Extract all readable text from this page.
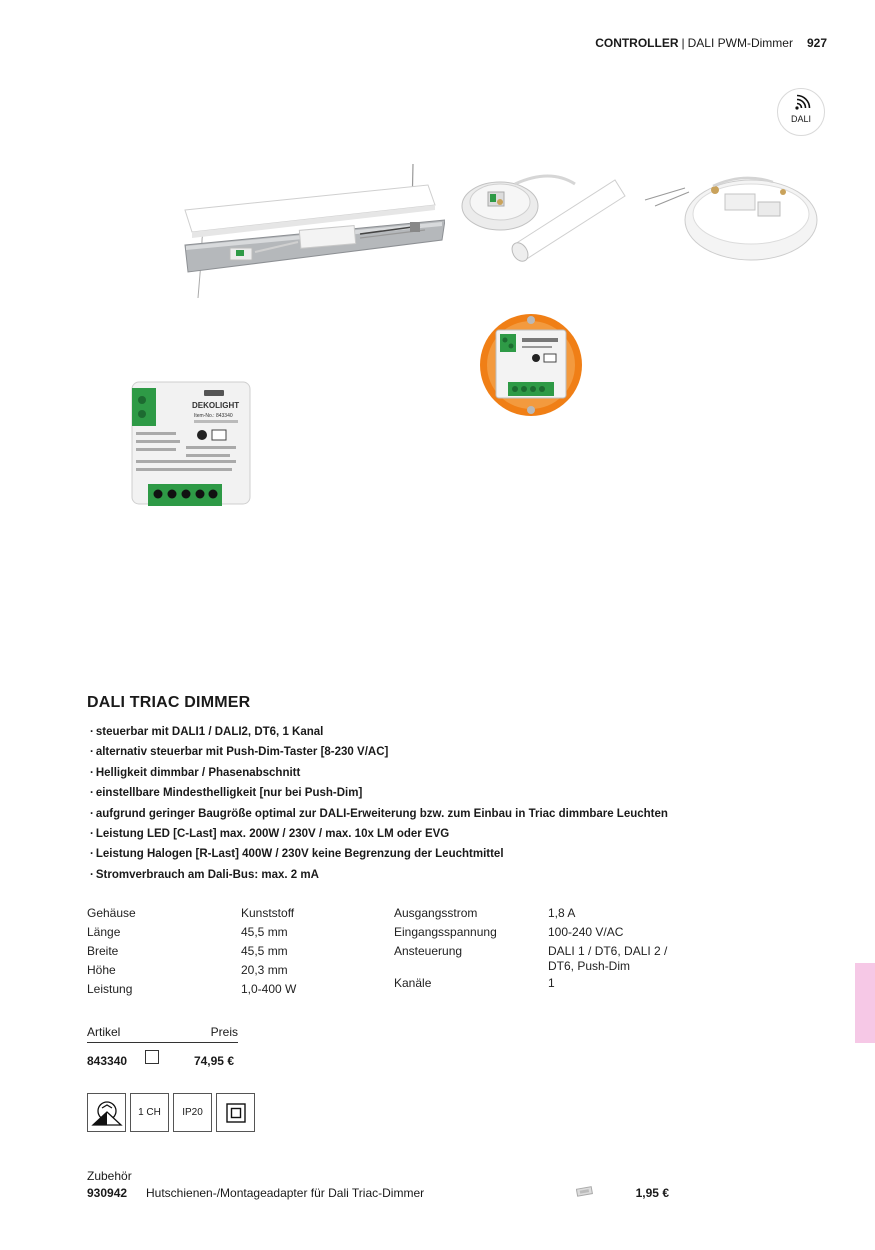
CONTROLLER | DALI PWM-Dimmer 927
DALI
DEKOLIGHT
Item-No.: 843340
DALI TRIAC DIMMER
· steuerbar mit DALI1 / DALI2, DT6, 1 Kanal
· alternativ steuerbar mit Push-Dim-Taster [8-230 V/AC]
· Helligkeit dimmbar / Phasenabschnitt
· einstellbare Mindesthelligkeit [nur bei Push-Dim]
· aufgrund geringer Baugröße optimal zur DALI-Erweiterung bzw. zum Einbau in Triac dimmbare Leuchten
· Leistung LED [C-Last] max. 200W / 230V / max. 10x LM oder EVG
· Leistung Halogen [R-Last] 400W / 230V keine Begrenzung der Leuchtmittel
· Stromverbrauch am Dali-Bus: max. 2 mA
Gehäuse	Kunststoff
Länge	45,5 mm
Breite	45,5 mm
Höhe	20,3 mm
Leistung	1,0-400 W
Ausgangsstrom	1,8 A
Eingangsspannung	100-240 V/AC
Ansteuerung	DALI 1 / DT6, DALI 2 / DT6, Push-Dim
Kanäle	1
Artikel	Preis
843340	74,95 €
1 CH	IP20
Zubehör
930942 Hutschienen-/Montageadapter für Dali Triac-Dimmer	1,95 €
